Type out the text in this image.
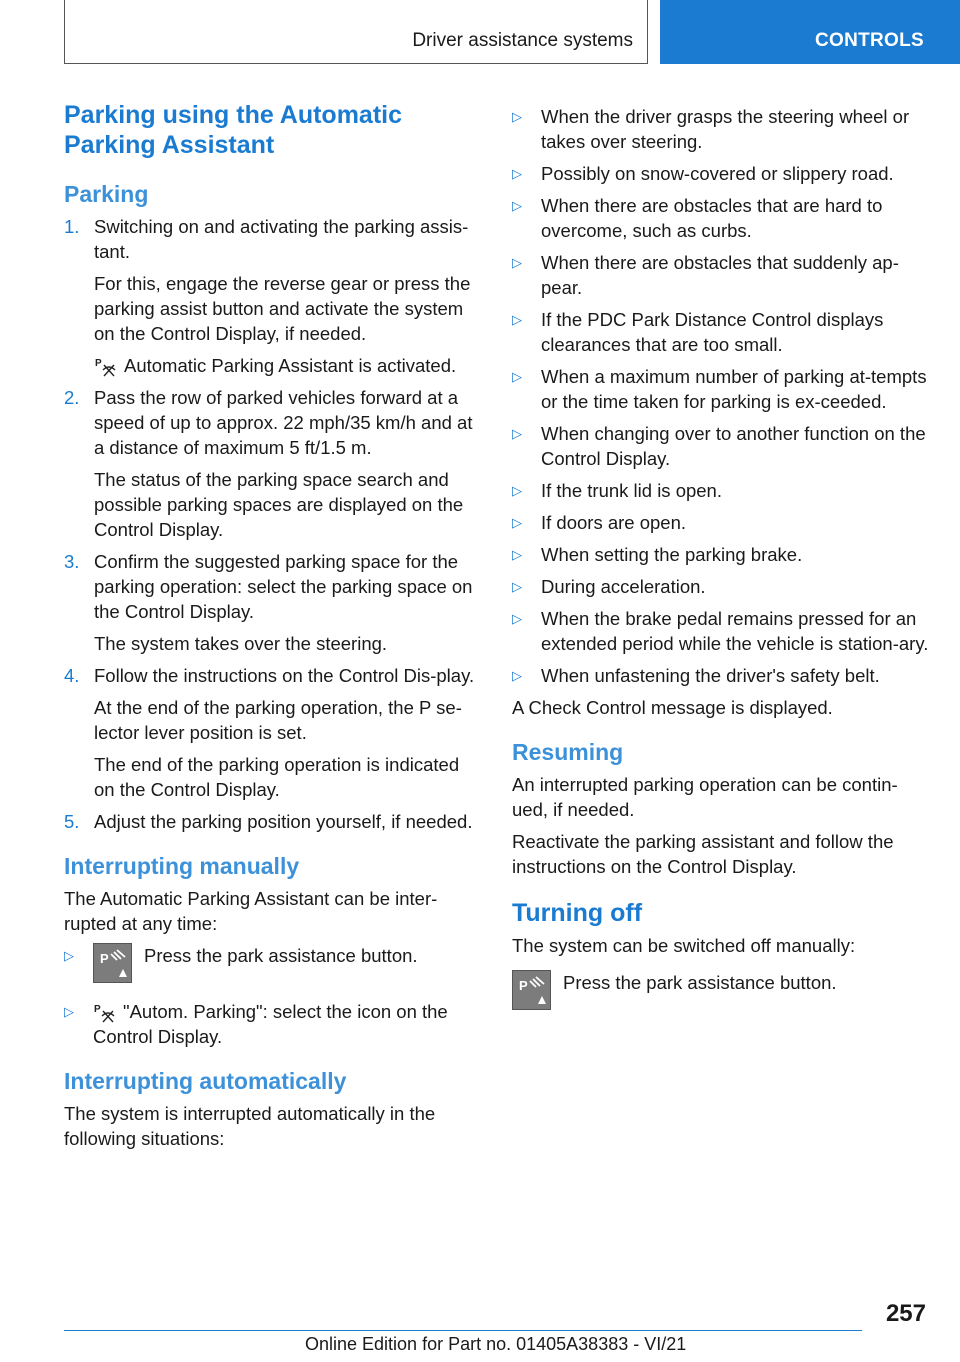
Driver assistance systems	CONTROLS
Parking using the Automatic Parking Assistant
Parking
1. Switching on and activating the parking assis-tant.

For this, engage the reverse gear or press the parking assist button and activate the system on the Control Display, if needed.

P Automatic Parking Assistant is activated.

2. Pass the row of parked vehicles forward at a speed of up to approx. 22 mph/35 km/h and at a distance of maximum 5 ft/1.5 m.

The status of the parking space search and possible parking spaces are displayed on the Control Display.

3. Confirm the suggested parking space for the parking operation: select the parking space on the Control Display.

The system takes over the steering.

4. Follow the instructions on the Control Dis-play.

At the end of the parking operation, the P se-lector lever position is set.

The end of the parking operation is indicated on the Control Display.

5. Adjust the parking position yourself, if needed.

Interrupting manually

The Automatic Parking Assistant can be inter-rupted at any time:

▷ P Press the park assistance button.

▷ P "Autom. Parking": select the icon on the Control Display.

Interrupting automatically

The system is interrupted automatically in the following situations:

▷ When the driver grasps the steering wheel or takes over steering.

▷ Possibly on snow-covered or slippery road.

▷ When there are obstacles that are hard to overcome, such as curbs.

▷ When there are obstacles that suddenly ap-pear.

▷ If the PDC Park Distance Control displays clearances that are too small.

▷ When a maximum number of parking at-tempts or the time taken for parking is ex-ceeded.

▷ When changing over to another function on the Control Display.

▷ If the trunk lid is open.

▷ If doors are open.

▷ When setting the parking brake.

▷ During acceleration.

▷ When the brake pedal remains pressed for an extended period while the vehicle is station-ary.

▷ When unfastening the driver's safety belt.

A Check Control message is displayed.

Resuming

An interrupted parking operation can be contin-ued, if needed.

Reactivate the parking assistant and follow the instructions on the Control Display.

Turning off

The system can be switched off manually:

P Press the park assistance button.

257
Online Edition for Part no. 01405A38383 - VI/21
